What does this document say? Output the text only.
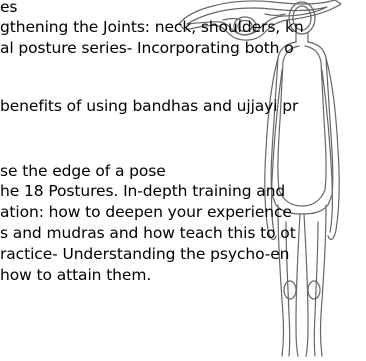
es
gthening the Joints: neck, shoulders, kn
al posture series- Incorporating both o
benefits of using bandhas and ujjayi pr
se the edge of a pose
he 18 Postures. In-depth training and
ation: how to deepen your experience
s and mudras and how teach this to ot
ractice- Understanding the psycho-en
how to attain them.
